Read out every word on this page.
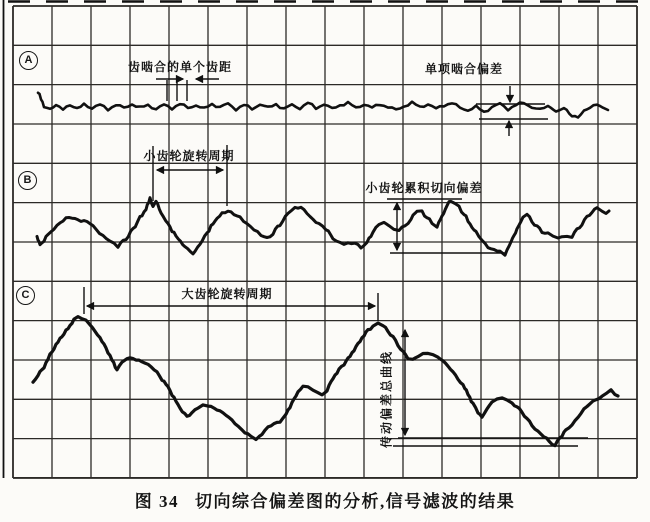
A
B
C
齿啮合的单个齿距	单项啮合偏差
小齿轮旋转周期
小齿轮累积切向偏差
大齿轮旋转周期
传动偏差总曲线
图 34 切向综合偏差图的分析,信号滤波的结果
